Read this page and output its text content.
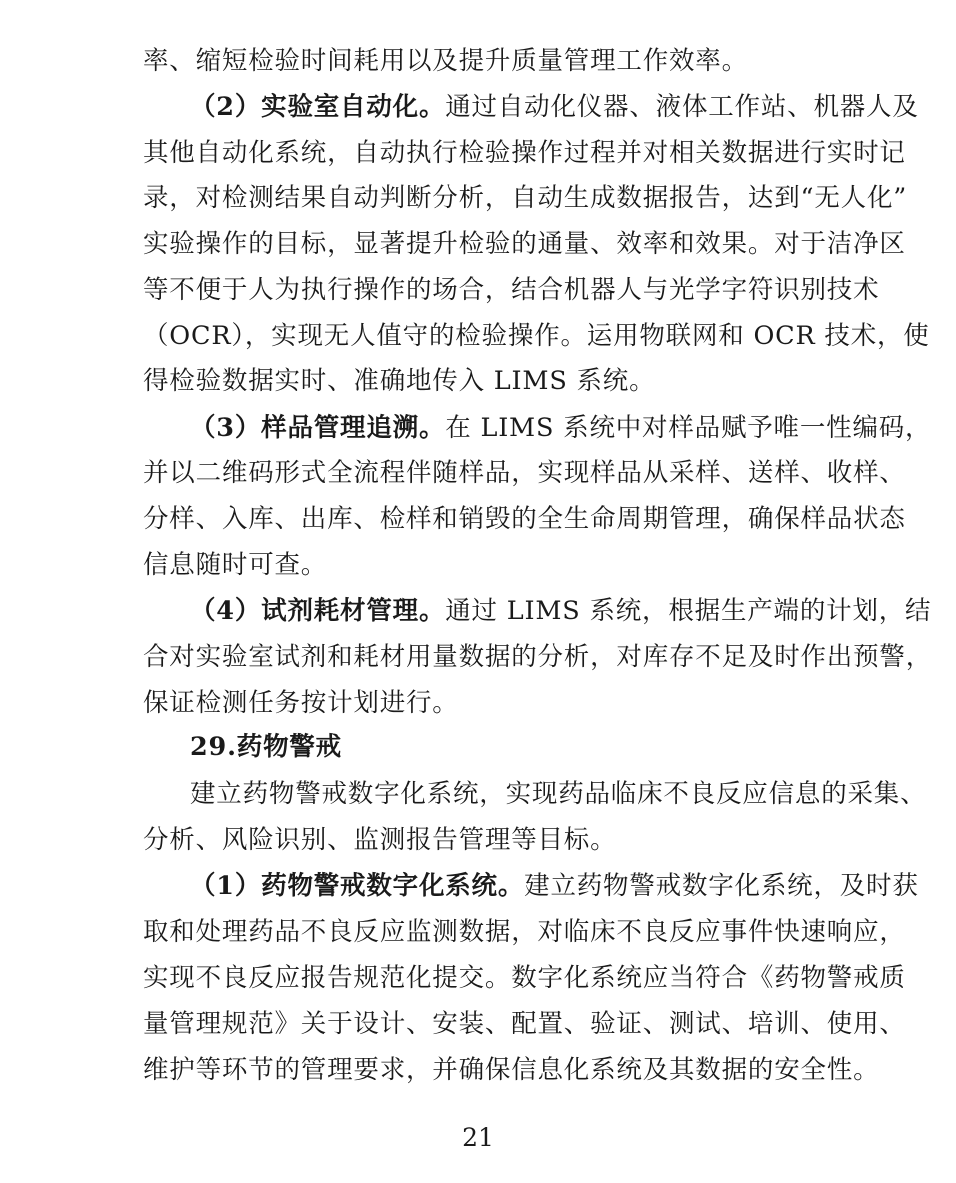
率、缩短检验时间耗用以及提升质量管理工作效率。
（2）实验室自动化。通过自动化仪器、液体工作站、机器人及
其他自动化系统，自动执行检验操作过程并对相关数据进行实时记
录，对检测结果自动判断分析，自动生成数据报告，达到“无人化”
实验操作的目标，显著提升检验的通量、效率和效果。对于洁净区
等不便于人为执行操作的场合，结合机器人与光学字符识别技术
（OCR），实现无人值守的检验操作。运用物联网和 OCR 技术，使
得检验数据实时、准确地传入 LIMS 系统。
（3）样品管理追溯。在 LIMS 系统中对样品赋予唯一性编码，
并以二维码形式全流程伴随样品，实现样品从采样、送样、收样、
分样、入库、出库、检样和销毁的全生命周期管理，确保样品状态
信息随时可查。
（4）试剂耗材管理。通过 LIMS 系统，根据生产端的计划，结
合对实验室试剂和耗材用量数据的分析，对库存不足及时作出预警，
保证检测任务按计划进行。
29.药物警戒
建立药物警戒数字化系统，实现药品临床不良反应信息的采集、
分析、风险识别、监测报告管理等目标。
（1）药物警戒数字化系统。建立药物警戒数字化系统，及时获
取和处理药品不良反应监测数据，对临床不良反应事件快速响应，
实现不良反应报告规范化提交。数字化系统应当符合《药物警戒质
量管理规范》关于设计、安装、配置、验证、测试、培训、使用、
维护等环节的管理要求，并确保信息化系统及其数据的安全性。
21
